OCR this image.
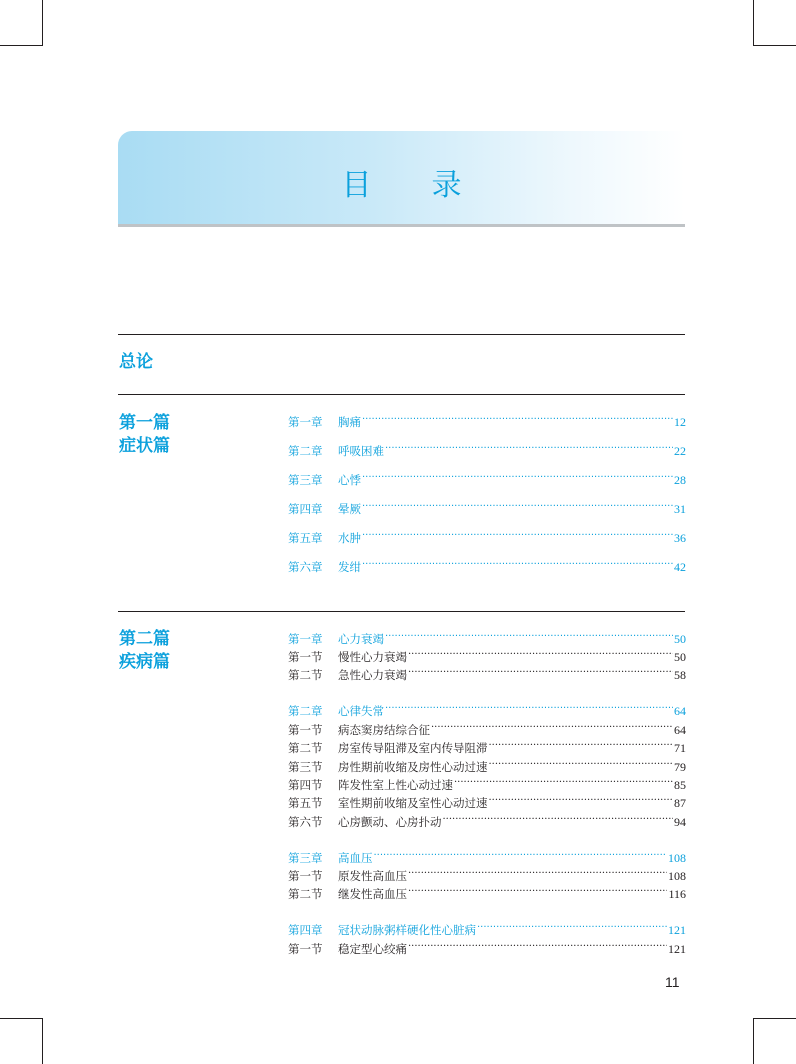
目 录
总论
第一篇
症状篇
第一章	胸痛 ·····	12
第二章	呼吸困难 ·····	22
第三章	心悸 ·····	28
第四章	晕厥 ·····	31
第五章	水肿 ·····	36
第六章	发绀 ·····	42
第二篇
疾病篇
第一章	心力衰竭 ·····	50
第一节	慢性心力衰竭 ·····	50
第二节	急性心力衰竭 ·····	58
第二章	心律失常 ·····	64
第一节	病态窦房结综合征 ·····	64
第二节	房室传导阻滞及室内传导阻滞 ·····	71
第三节	房性期前收缩及房性心动过速 ·····	79
第四节	阵发性室上性心动过速 ·····	85
第五节	室性期前收缩及室性心动过速 ·····	87
第六节	心房颤动、心房扑动 ·····	94
第三章	高血压 ·····	108
第一节	原发性高血压 ·····	108
第二节	继发性高血压 ·····	116
第四章	冠状动脉粥样硬化性心脏病 ·····	121
第一节	稳定型心绞痛 ·····	121
11
